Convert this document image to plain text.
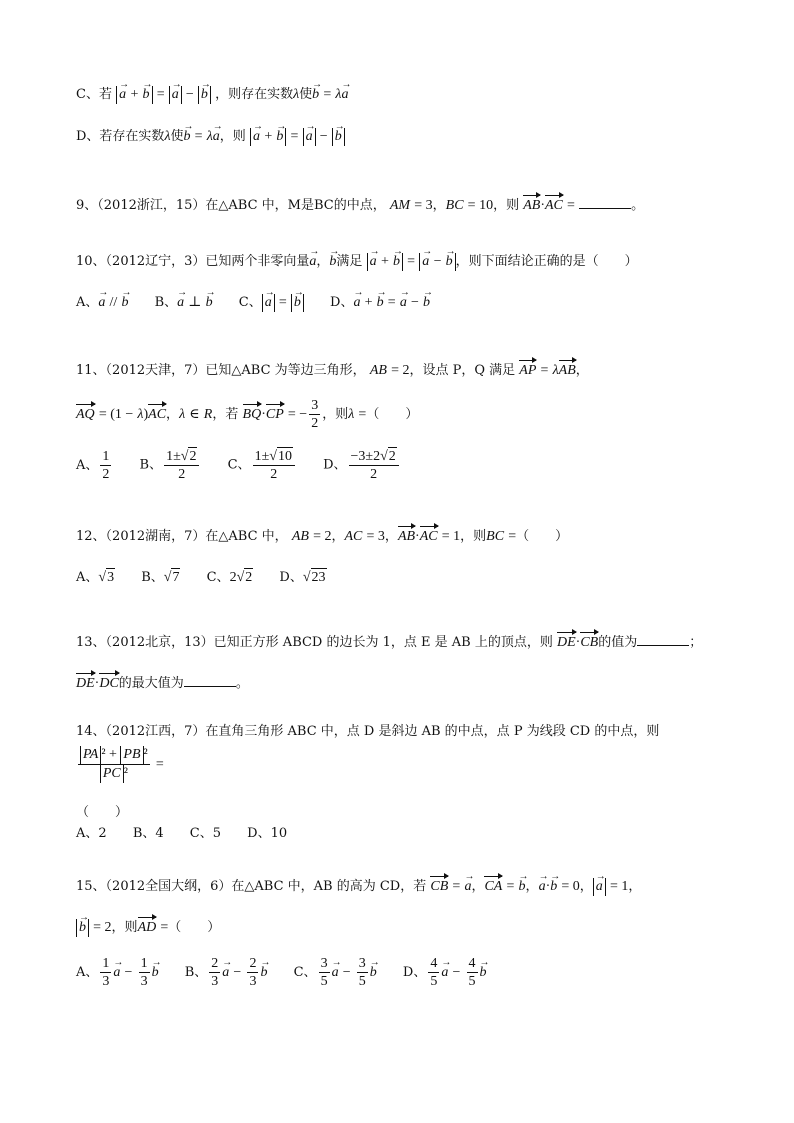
C、若 → a + → b = → a − → b ，则存在实数λ使→ b = λ→ a
D、若存在实数λ使→ b = λ→ a，则 → a + → b = → a − → b
9、（2012浙江，15）在△ABC 中，M是BC的中点， AM = 3，BC = 10，则 AB·AC =	。
10、（2012辽宁，3）已知两个非零向量→ a，→ b满足 → a + → b = → a − → b ，则下面结论正确的是（　　）
A、→ a // → b B、→ a ⊥ → b C、→ a = → b D、→ a + → b = → a − → b
11、（2012天津，7）已知△ABC 为等边三角形， AB = 2，设点 P，Q 满足 AP = λAB，
AQ = (1 − λ)AC，λ ∈ R，若 BQ·CP = − $\frac{3}{2}$ ，则λ =（　　）
A、 $\frac{1}{2}$ B、 $\frac{1\pm√2}{2}$ C、 $\frac{1\pm√10}{2}$ D、 $\frac{-3\pm 2√2}{2}$
12、（2012湖南，7）在△ABC 中， AB = 2，AC = 3，AB·AC = 1，则BC =（　　）
A、√3 B、√7 C、2√2 D、√23
13、（2012北京，13）已知正方形 ABCD 的边长为 1，点 E 是 AB 上的顶点，则 DE·CB的值为	；
DE·DC的最大值为	。
14、（2012江西，7）在直角三角形 ABC 中，点 D 是斜边 AB 的中点，点 P 为线段 CD 的中点，则
$\frac{\text{PA ² + PB ²}}{\text{PC ²}}$ =
（　　）
A、2 B、4 C、5 D、10
15、（2012全国大纲，6）在△ABC 中，AB 的高为 CD，若 CB = → a，CA = → b，→ a·→ b = 0，→ a = 1，
→ b = 2，则AD =（　　）
A、 $\frac{1}{3}$
→ $a - \frac{1}{3}$
→ b B、 $\frac{2}{3}$
→ $a - \frac{2}{3}$
→ b C、 $\frac{3}{5}$
→ $a - \frac{3}{5}$
→ b D、 $\frac{4}{5}$
→ $a - \frac{4}{5}$
→ b
